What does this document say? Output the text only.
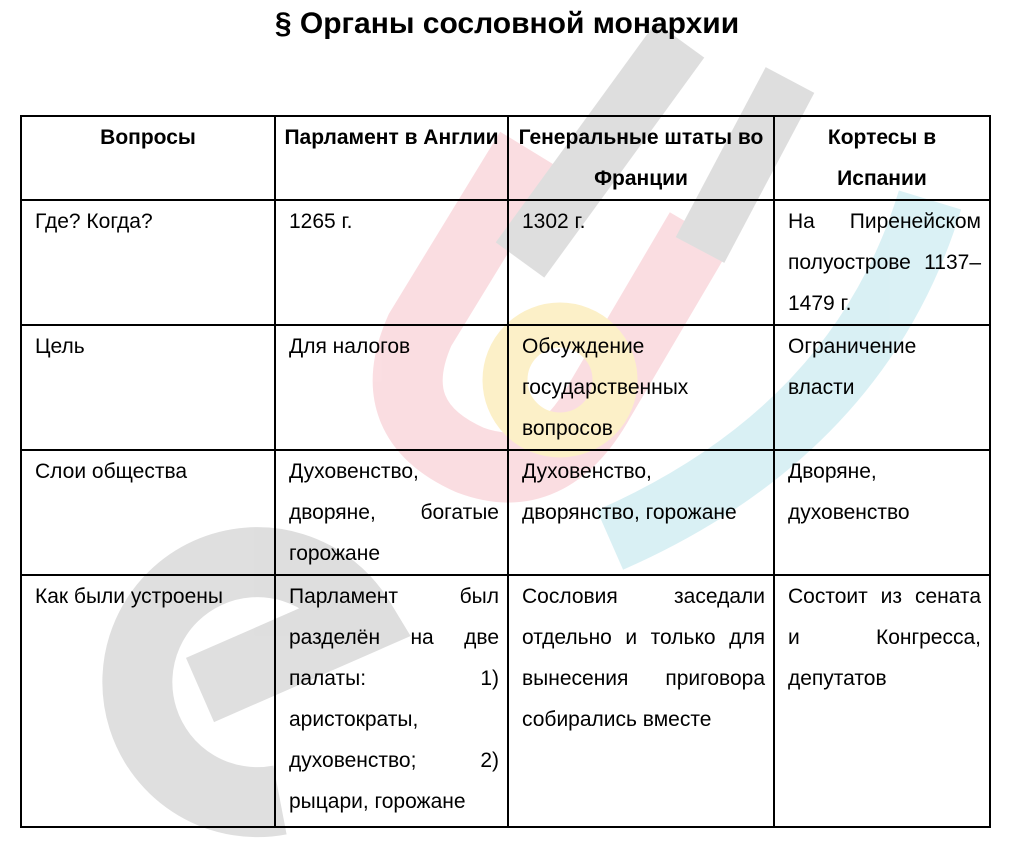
§ Органы сословной монархии
Вопросы	Парламент в Англии	Генеральные штаты во Франции	Кортесы в Испании
Где? Когда?	1265 г.	1302 г.	На Пиренейском полуострове 1137–1479 г.
Цель	Для налогов	Обсуждение государственных вопросов	Ограничение власти
Слои общества	Духовенство, дворяне, богатые горожане	Духовенство, дворянство, горожане	Дворяне, духовенство
Как были устроены	Парламент был разделён на две палаты: 1) аристократы, духовенство; 2) рыцари, горожане	Сословия заседали отдельно и только для вынесения приговора собирались вместе	Состоит из сената и Конгресса, депутатов
